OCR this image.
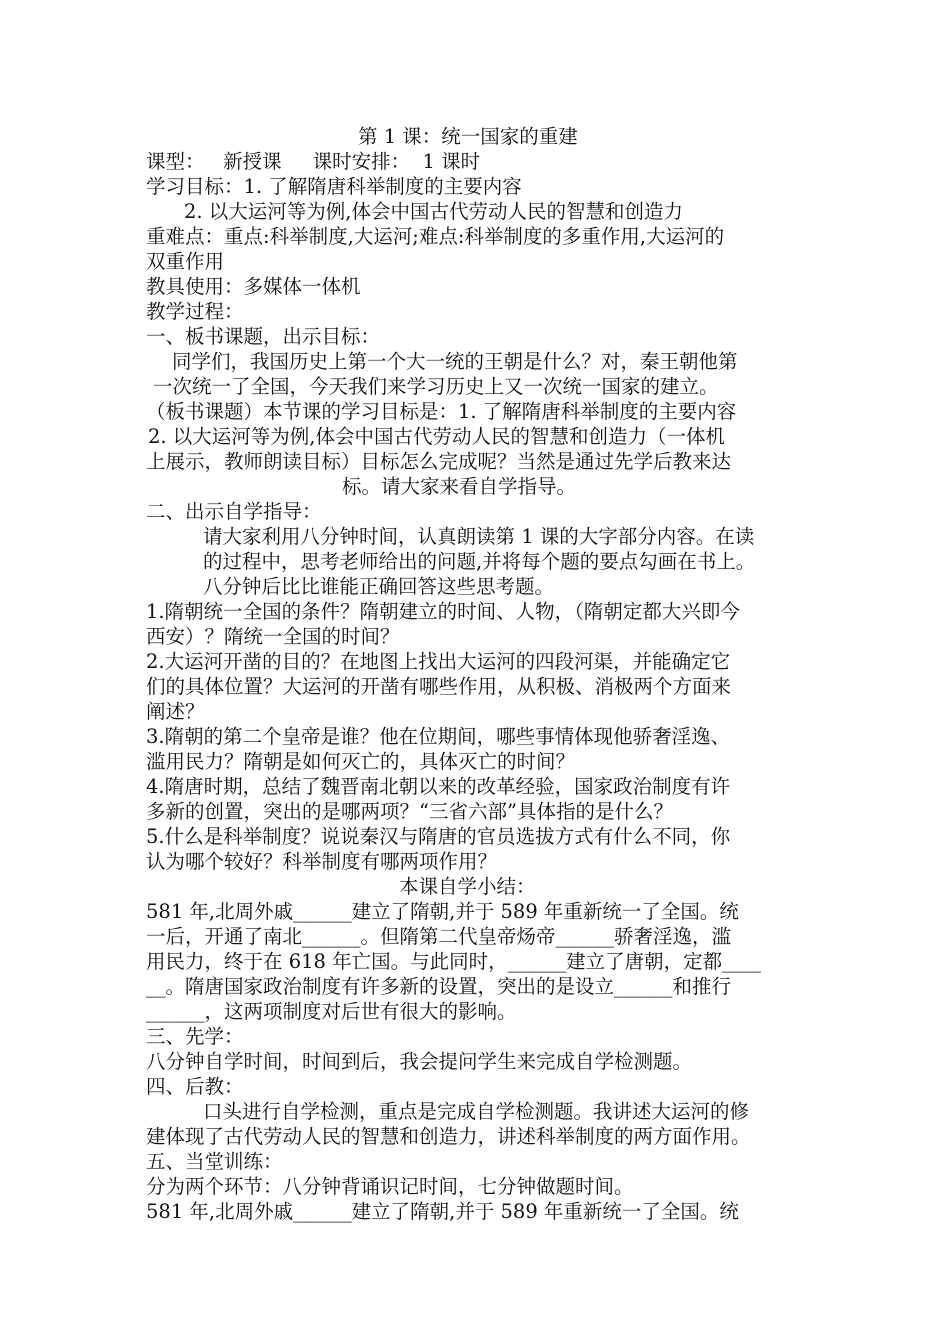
第 1 课：统一国家的重建
课型：   新授课     课时安排：  1 课时
学习目标：1. 了解隋唐科举制度的主要内容
2. 以大运河等为例,体会中国古代劳动人民的智慧和创造力
重难点：重点:科举制度,大运河;难点:科举制度的多重作用,大运河的
双重作用
教具使用：多媒体一体机
教学过程：
一、板书课题，出示目标：
同学们，我国历史上第一个大一统的王朝是什么？对，秦王朝他第
一次统一了全国，今天我们来学习历史上又一次统一国家的建立。
（板书课题）本节课的学习目标是：1. 了解隋唐科举制度的主要内容
2. 以大运河等为例,体会中国古代劳动人民的智慧和创造力（一体机
上展示，教师朗读目标）目标怎么完成呢？当然是通过先学后教来达
标。请大家来看自学指导。
二、出示自学指导：
请大家利用八分钟时间，认真朗读第 1 课的大字部分内容。在读
的过程中，思考老师给出的问题,并将每个题的要点勾画在书上。
八分钟后比比谁能正确回答这些思考题。
1.隋朝统一全国的条件？隋朝建立的时间、人物，（隋朝定都大兴即今
西安）？隋统一全国的时间？
2.大运河开凿的目的？在地图上找出大运河的四段河渠，并能确定它
们的具体位置？大运河的开凿有哪些作用，从积极、消极两个方面来
阐述？
3.隋朝的第二个皇帝是谁？他在位期间，哪些事情体现他骄奢淫逸、
滥用民力？隋朝是如何灭亡的，具体灭亡的时间？
4.隋唐时期，总结了魏晋南北朝以来的改革经验，国家政治制度有许
多新的创置，突出的是哪两项？“三省六部”具体指的是什么？
5.什么是科举制度？说说秦汉与隋唐的官员选拔方式有什么不同，你
认为哪个较好？科举制度有哪两项作用？
本课自学小结：
581 年,北周外戚______建立了隋朝,并于 589 年重新统一了全国。统
一后，开通了南北______。但隋第二代皇帝炀帝______骄奢淫逸，滥
用民力，终于在 618 年亡国。与此同时，______建立了唐朝，定都____
__。隋唐国家政治制度有许多新的设置，突出的是设立______和推行
______，这两项制度对后世有很大的影响。
三、先学：
八分钟自学时间，时间到后，我会提问学生来完成自学检测题。
四、后教：
口头进行自学检测，重点是完成自学检测题。我讲述大运河的修
建体现了古代劳动人民的智慧和创造力，讲述科举制度的两方面作用。
五、当堂训练：
分为两个环节：八分钟背诵识记时间，七分钟做题时间。
581 年,北周外戚______建立了隋朝,并于 589 年重新统一了全国。统
